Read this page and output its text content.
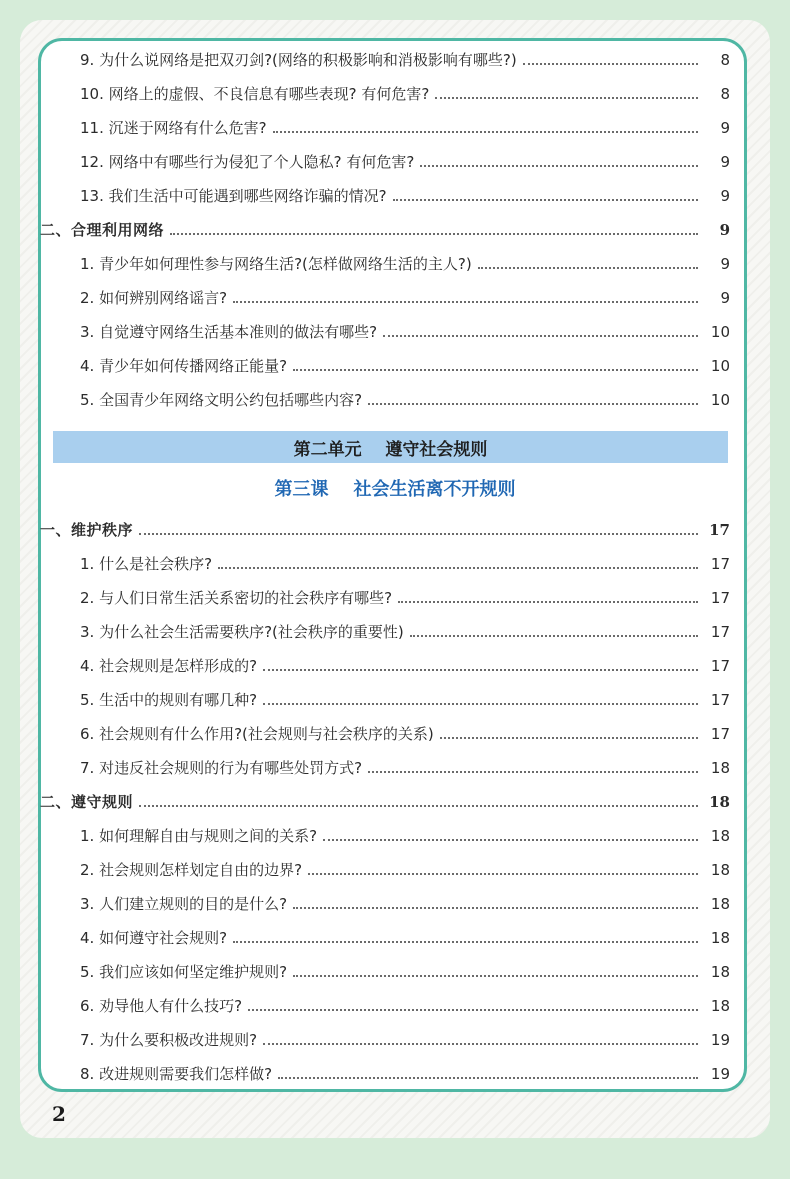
9. 为什么说网络是把双刃剑?(网络的积极影响和消极影响有哪些?)	8
10. 网络上的虚假、不良信息有哪些表现? 有何危害?	8
11. 沉迷于网络有什么危害?	9
12. 网络中有哪些行为侵犯了个人隐私? 有何危害?	9
13. 我们生活中可能遇到哪些网络诈骗的情况?	9
二、合理利用网络	9
1. 青少年如何理性参与网络生活?(怎样做网络生活的主人?)	9
2. 如何辨别网络谣言?	9
3. 自觉遵守网络生活基本准则的做法有哪些?	10
4. 青少年如何传播网络正能量?	10
5. 全国青少年网络文明公约包括哪些内容?	10
第二单元    遵守社会规则
第三课    社会生活离不开规则
一、维护秩序	17
1. 什么是社会秩序?	17
2. 与人们日常生活关系密切的社会秩序有哪些?	17
3. 为什么社会生活需要秩序?(社会秩序的重要性)	17
4. 社会规则是怎样形成的?	17
5. 生活中的规则有哪几种?	17
6. 社会规则有什么作用?(社会规则与社会秩序的关系)	17
7. 对违反社会规则的行为有哪些处罚方式?	18
二、遵守规则	18
1. 如何理解自由与规则之间的关系?	18
2. 社会规则怎样划定自由的边界?	18
3. 人们建立规则的目的是什么?	18
4. 如何遵守社会规则?	18
5. 我们应该如何坚定维护规则?	18
6. 劝导他人有什么技巧?	18
7. 为什么要积极改进规则?	19
8. 改进规则需要我们怎样做?	19
2
